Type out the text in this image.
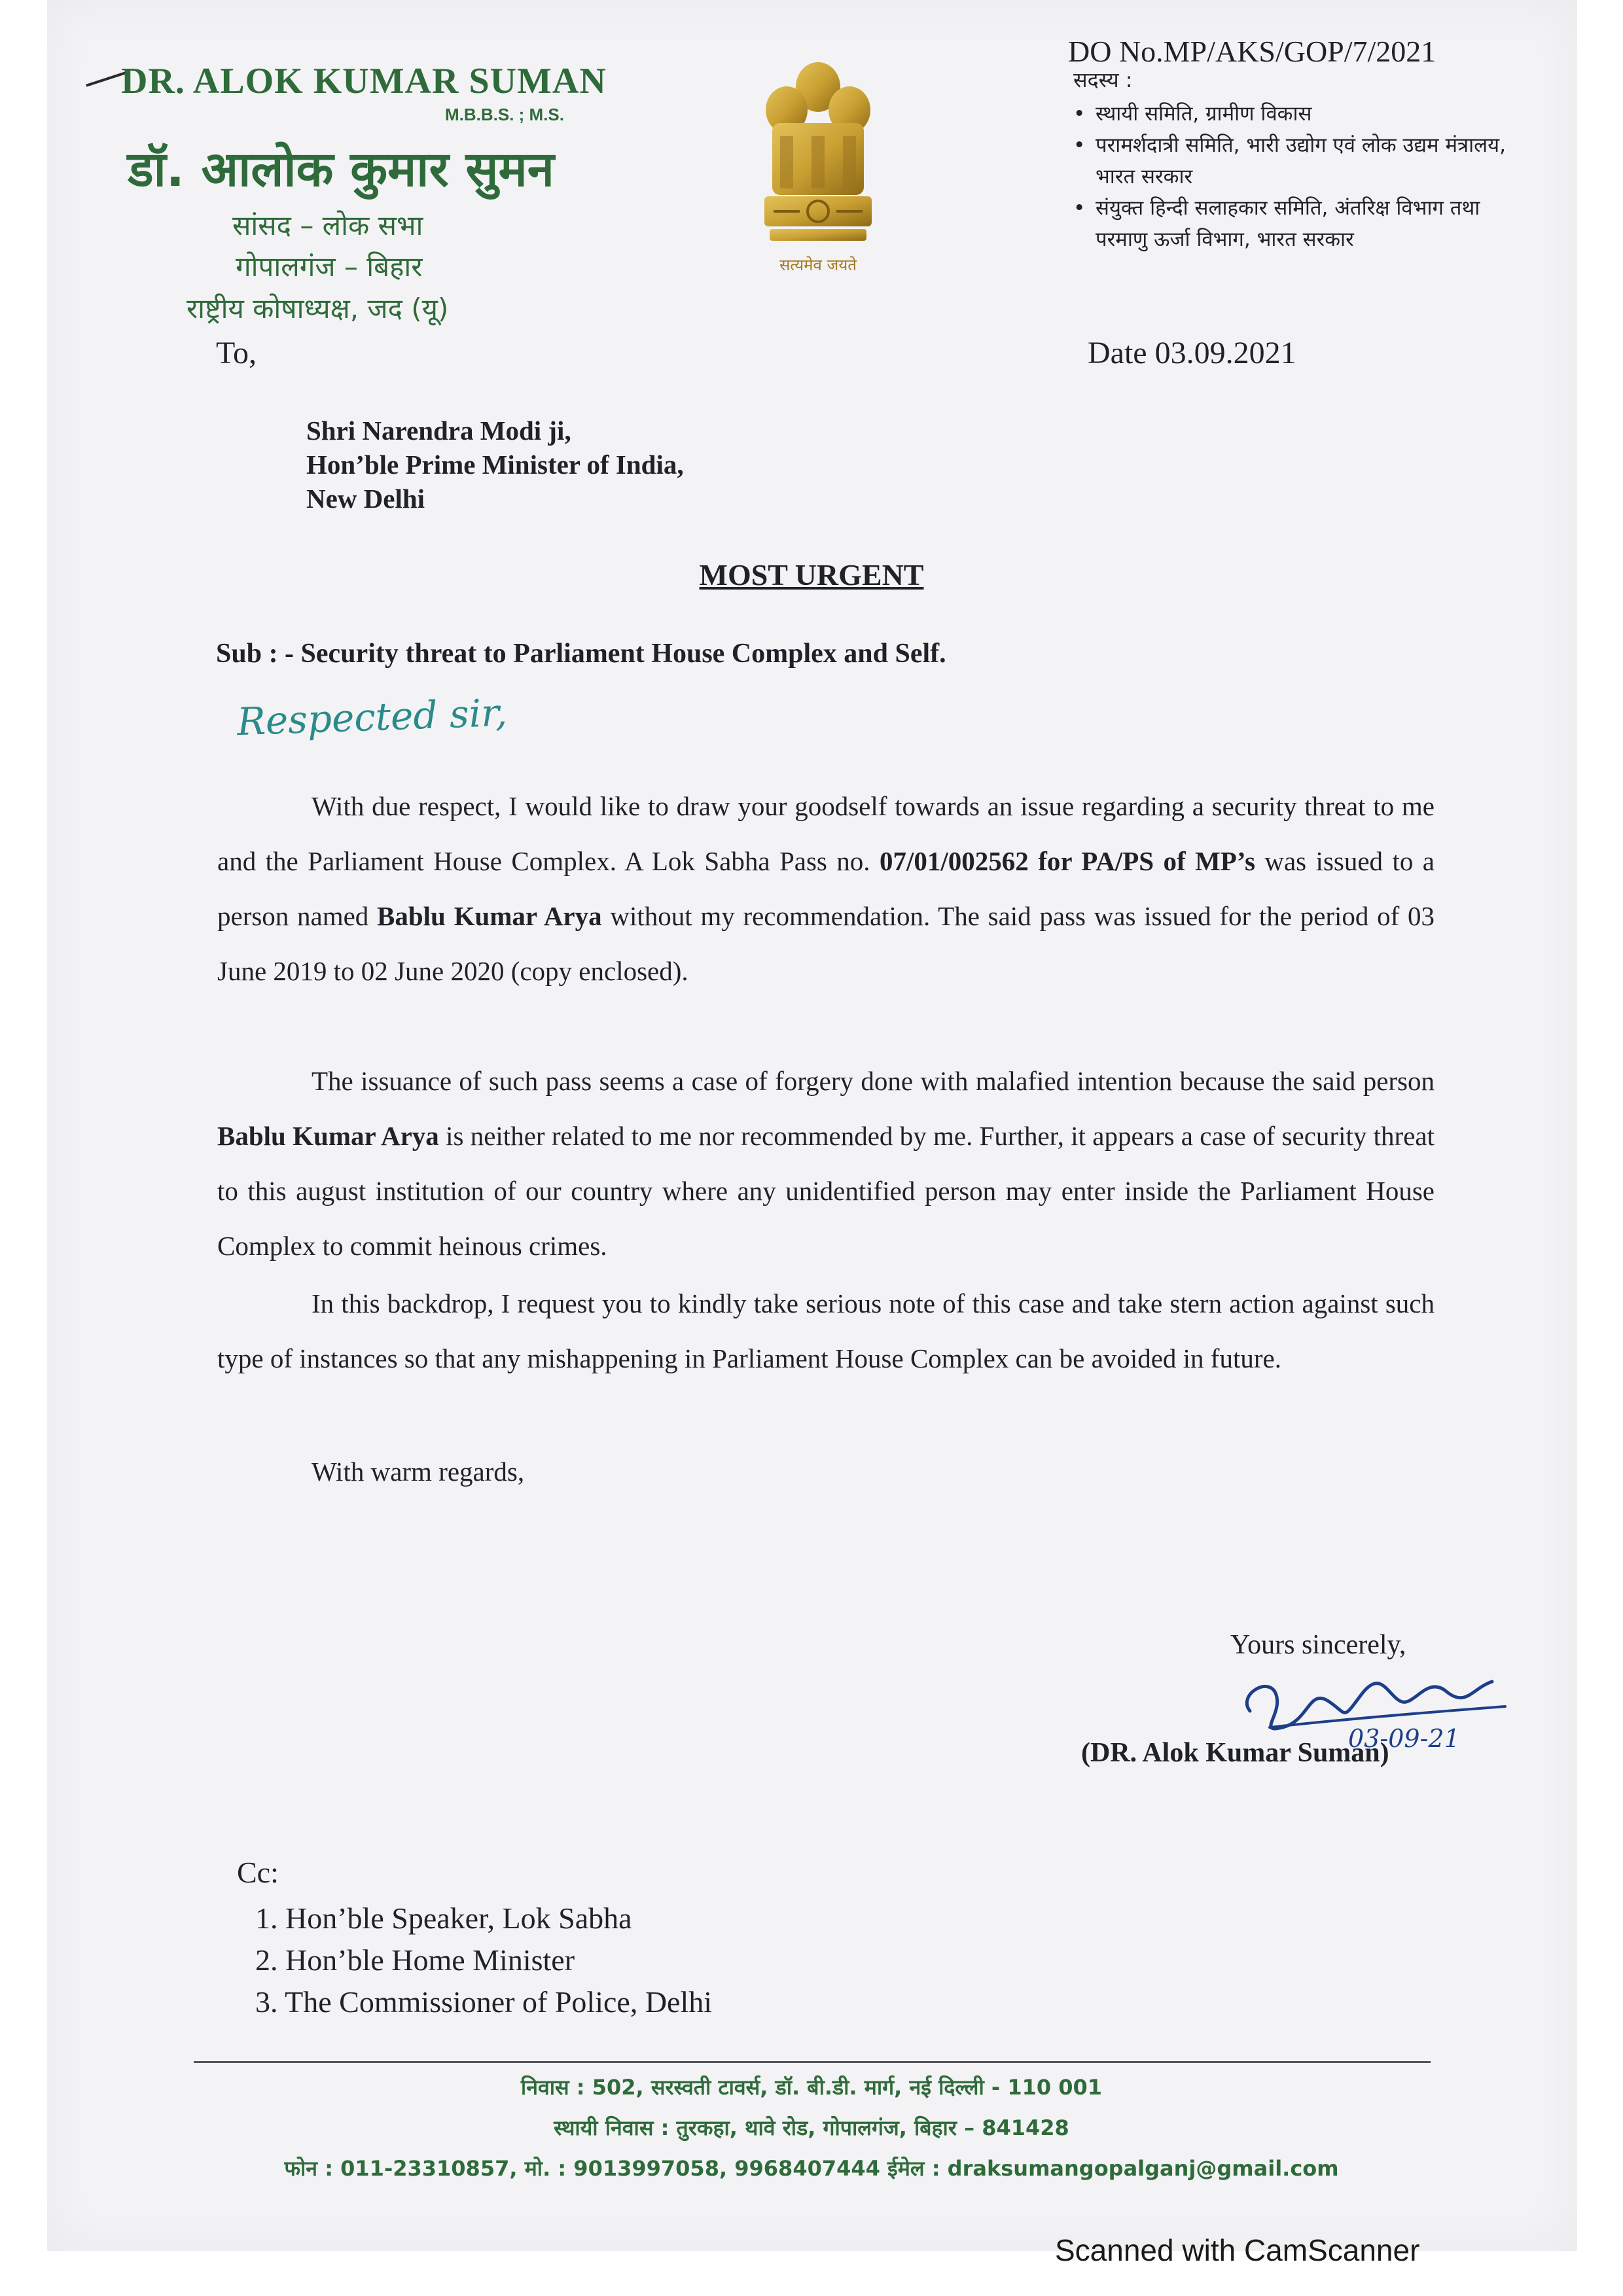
DR. ALOK KUMAR SUMAN
M.B.B.S. ; M.S.
डॉ. आलोक कुमार सुमन
सांसद – लोक सभा
गोपालगंज – बिहार
राष्ट्रीय कोषाध्यक्ष, जद (यू)
सत्यमेव जयते
DO No.MP/AKS/GOP/7/2021
सदस्य :
• स्थायी समिति, ग्रामीण विकास
• परामर्शदात्री समिति, भारी उद्योग एवं लोक उद्यम मंत्रालय, भारत सरकार
• संयुक्त हिन्दी सलाहकार समिति, अंतरिक्ष विभाग तथा परमाणु ऊर्जा विभाग, भारत सरकार
To,	Date 03.09.2021
Shri Narendra Modi ji,
Hon’ble Prime Minister of India,
New Delhi
MOST URGENT
Sub : - Security threat to Parliament House Complex and Self.
Respected sir,

With due respect, I would like to draw your goodself towards an issue regarding a security threat to me and the Parliament House Complex. A Lok Sabha Pass no. 07/01/002562 for PA/PS of MP’s was issued to a person named Bablu Kumar Arya without my recommendation. The said pass was issued for the period of 03 June 2019 to 02 June 2020 (copy enclosed).

The issuance of such pass seems a case of forgery done with malafied intention because the said person Bablu Kumar Arya is neither related to me nor recommended by me. Further, it appears a case of security threat to this august institution of our country where any unidentified person may enter inside the Parliament House Complex to commit heinous crimes.

In this backdrop, I request you to kindly take serious note of this case and take stern action against such type of instances so that any mishappening in Parliament House Complex can be avoided in future.

With warm regards,
Yours sincerely,
03-09-21
(DR. Alok Kumar Suman)
Cc:
1. Hon’ble Speaker, Lok Sabha
2. Hon’ble Home Minister
3. The Commissioner of Police, Delhi
निवास : 502, सरस्वती टावर्स, डॉ. बी.डी. मार्ग, नई दिल्ली - 110 001
स्थायी निवास : तुरकहा, थावे रोड, गोपालगंज, बिहार – 841428
फोन : 011-23310857, मो. : 9013997058, 9968407444 ईमेल : draksumangopalganj@gmail.com
Scanned with CamScanner
